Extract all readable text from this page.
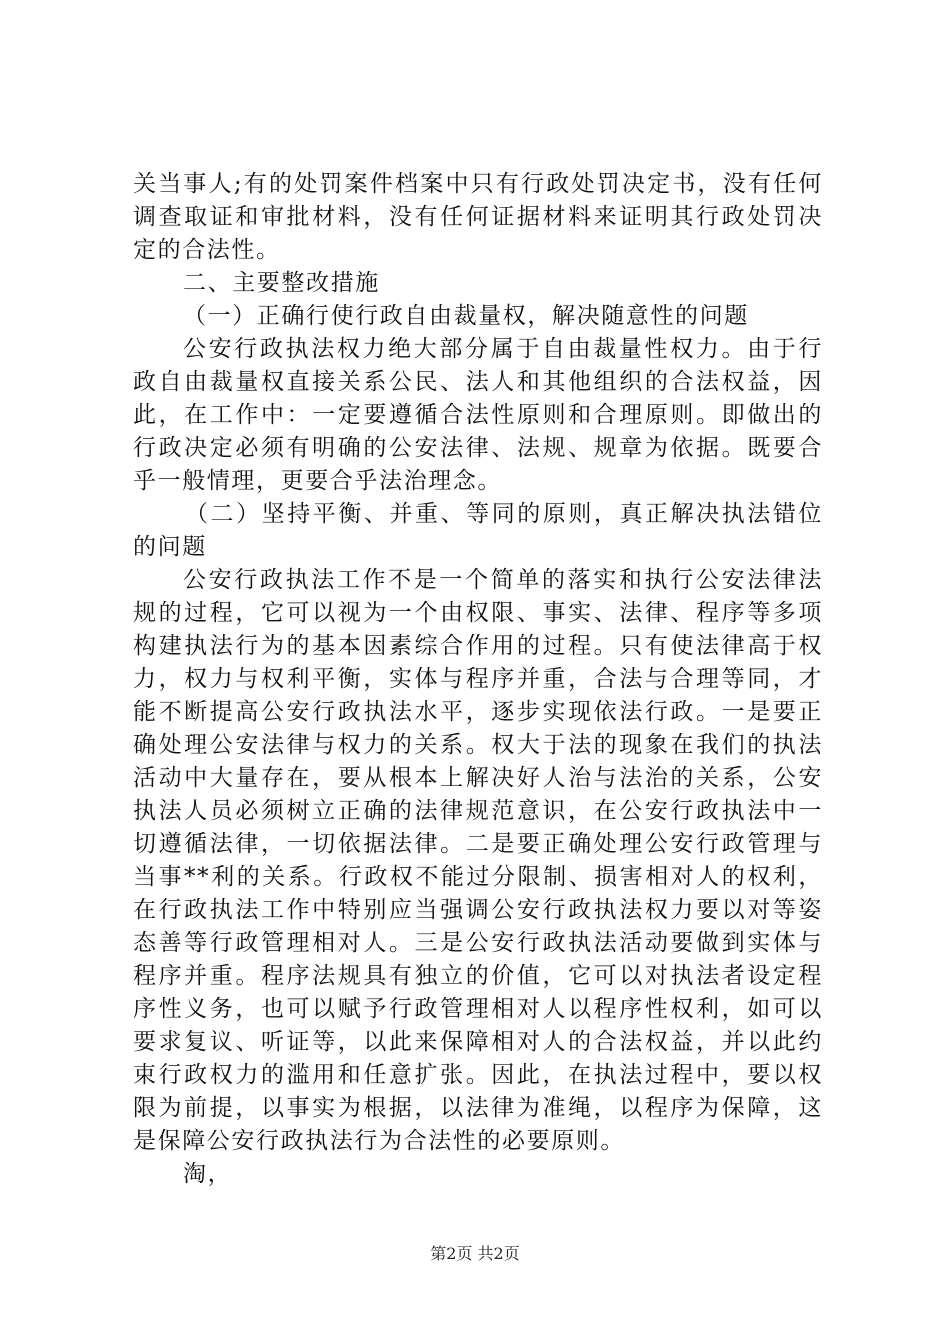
关当事人;有的处罚案件档案中只有行政处罚决定书，没有任何
调查取证和审批材料，没有任何证据材料来证明其行政处罚决
定的合法性。
二、主要整改措施
（一）正确行使行政自由裁量权，解决随意性的问题
公安行政执法权力绝大部分属于自由裁量性权力。由于行
政自由裁量权直接关系公民、法人和其他组织的合法权益，因
此，在工作中：一定要遵循合法性原则和合理原则。即做出的
行政决定必须有明确的公安法律、法规、规章为依据。既要合
乎一般情理，更要合乎法治理念。
（二）坚持平衡、并重、等同的原则，真正解决执法错位
的问题
公安行政执法工作不是一个简单的落实和执行公安法律法
规的过程，它可以视为一个由权限、事实、法律、程序等多项
构建执法行为的基本因素综合作用的过程。只有使法律高于权
力，权力与权利平衡，实体与程序并重，合法与合理等同，才
能不断提高公安行政执法水平，逐步实现依法行政。一是要正
确处理公安法律与权力的关系。权大于法的现象在我们的执法
活动中大量存在，要从根本上解决好人治与法治的关系，公安
执法人员必须树立正确的法律规范意识，在公安行政执法中一
切遵循法律，一切依据法律。二是要正确处理公安行政管理与
当事**利的关系。行政权不能过分限制、损害相对人的权利，
在行政执法工作中特别应当强调公安行政执法权力要以对等姿
态善等行政管理相对人。三是公安行政执法活动要做到实体与
程序并重。程序法规具有独立的价值，它可以对执法者设定程
序性义务，也可以赋予行政管理相对人以程序性权利，如可以
要求复议、听证等，以此来保障相对人的合法权益，并以此约
束行政权力的滥用和任意扩张。因此，在执法过程中，要以权
限为前提，以事实为根据，以法律为准绳，以程序为保障，这
是保障公安行政执法行为合法性的必要原则。
淘，
第2页 共2页
